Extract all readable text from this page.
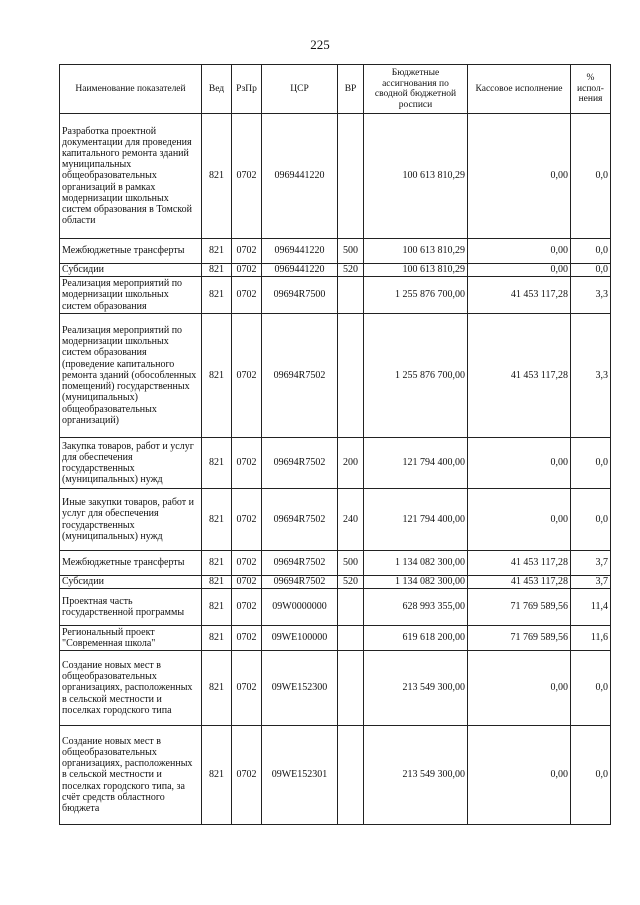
225
Наименование показателей	Вед	РзПр	ЦСР	ВР	Бюджетные ассигнования по сводной бюджетной росписи	Кассовое исполнение	% испол-нения
Разработка проектной документации для проведения капитального ремонта зданий муниципальных общеобразовательных организаций в рамках модернизации школьных систем образования в Томской области	821	0702	0969441220		100 613 810,29	0,00	0,0
Межбюджетные трансферты	821	0702	0969441220	500	100 613 810,29	0,00	0,0
Субсидии	821	0702	0969441220	520	100 613 810,29	0,00	0,0
Реализация мероприятий по модернизации школьных систем образования	821	0702	09694R7500		1 255 876 700,00	41 453 117,28	3,3
Реализация мероприятий по модернизации школьных систем образования (проведение капитального ремонта зданий (обособленных помещений) государственных (муниципальных) общеобразовательных организаций)	821	0702	09694R7502		1 255 876 700,00	41 453 117,28	3,3
Закупка товаров, работ и услуг для обеспечения государственных (муниципальных) нужд	821	0702	09694R7502	200	121 794 400,00	0,00	0,0
Иные закупки товаров, работ и услуг для обеспечения государственных (муниципальных) нужд	821	0702	09694R7502	240	121 794 400,00	0,00	0,0
Межбюджетные трансферты	821	0702	09694R7502	500	1 134 082 300,00	41 453 117,28	3,7
Субсидии	821	0702	09694R7502	520	1 134 082 300,00	41 453 117,28	3,7
Проектная часть государственной программы	821	0702	09W0000000		628 993 355,00	71 769 589,56	11,4
Региональный проект "Современная школа"	821	0702	09WE100000		619 618 200,00	71 769 589,56	11,6
Создание новых мест в общеобразовательных организациях, расположенных в сельской местности и поселках городского типа	821	0702	09WE152300		213 549 300,00	0,00	0,0
Создание новых мест в общеобразовательных организациях, расположенных в сельской местности и поселках городского типа, за счёт средств областного бюджета	821	0702	09WE152301		213 549 300,00	0,00	0,0
